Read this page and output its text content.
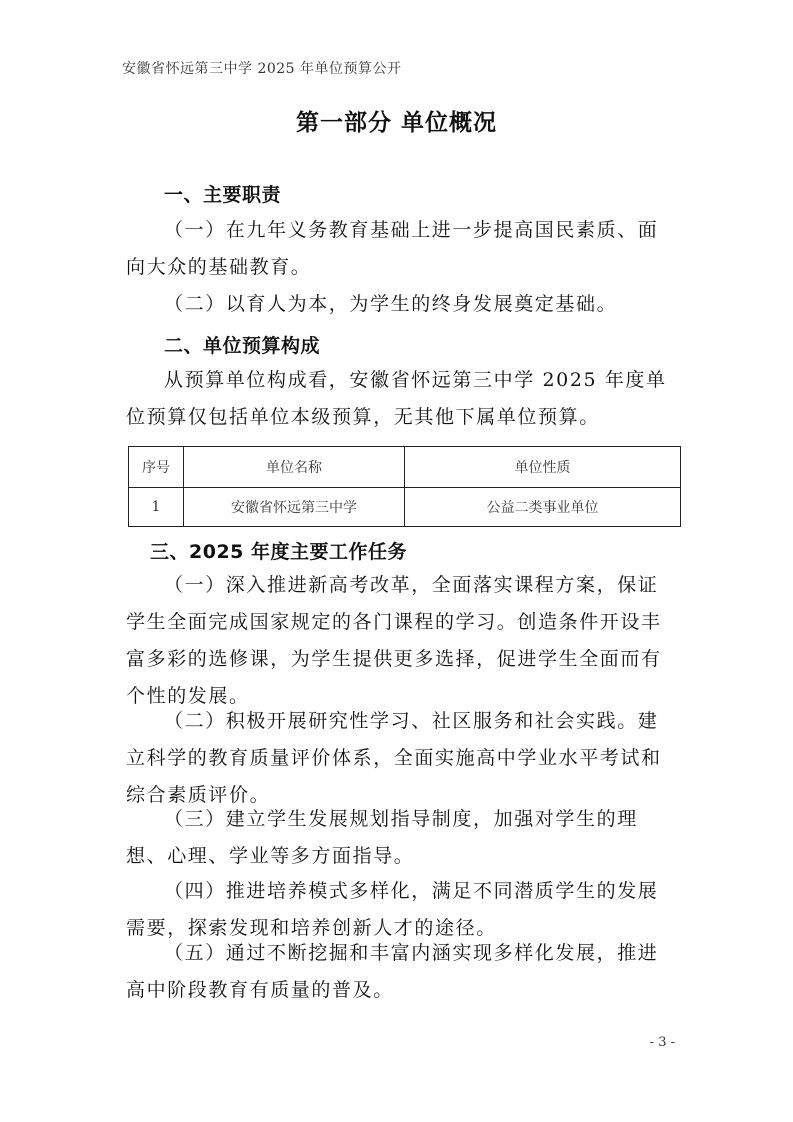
安徽省怀远第三中学 2025 年单位预算公开
第一部分 单位概况
一、主要职责

（一）在九年义务教育基础上进一步提高国民素质、面向大众的基础教育。

（二）以育人为本，为学生的终身发展奠定基础。

二、单位预算构成

从预算单位构成看，安徽省怀远第三中学 2025 年度单位预算仅包括单位本级预算，无其他下属单位预算。

序号	单位名称	单位性质
1	安徽省怀远第三中学	公益二类事业单位
三、2025 年度主要工作任务

（一）深入推进新高考改革，全面落实课程方案，保证学生全面完成国家规定的各门课程的学习。创造条件开设丰富多彩的选修课，为学生提供更多选择，促进学生全面而有个性的发展。

（二）积极开展研究性学习、社区服务和社会实践。建立科学的教育质量评价体系，全面实施高中学业水平考试和综合素质评价。

（三）建立学生发展规划指导制度，加强对学生的理想、心理、学业等多方面指导。

（四）推进培养模式多样化，满足不同潜质学生的发展需要，探索发现和培养创新人才的途径。

（五）通过不断挖掘和丰富内涵实现多样化发展，推进高中阶段教育有质量的普及。

- 3 -
